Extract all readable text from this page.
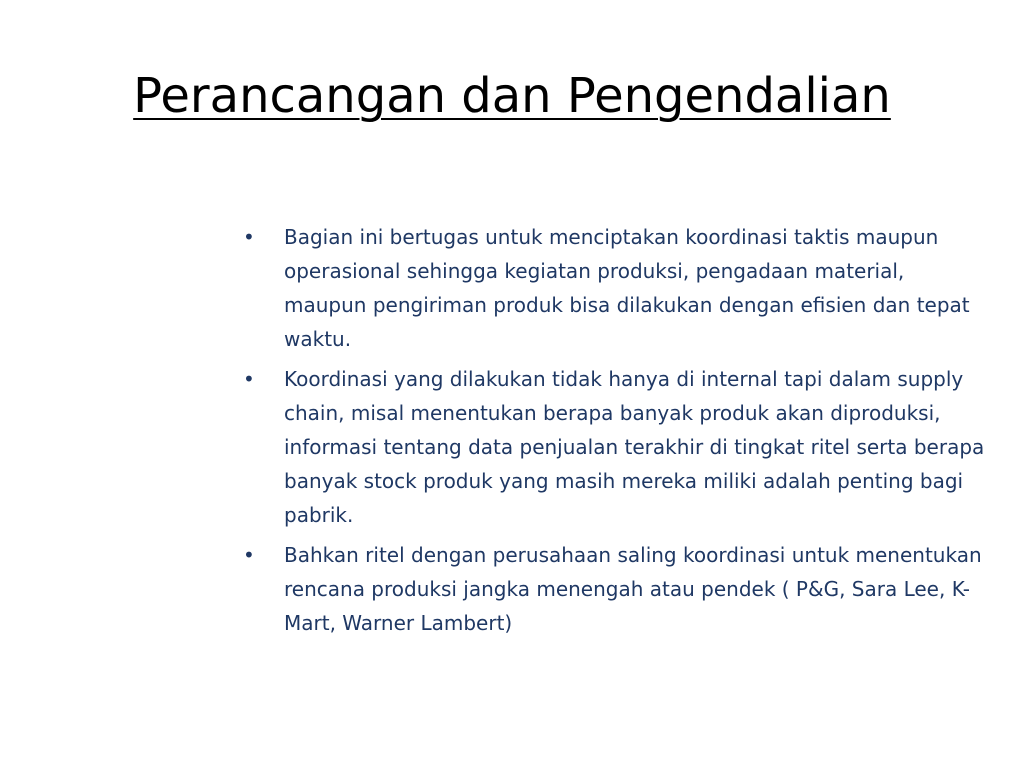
Perancangan dan Pengendalian
•	Bagian ini bertugas untuk menciptakan koordinasi taktis maupun operasional sehingga kegiatan produksi, pengadaan material, maupun pengiriman produk bisa dilakukan dengan efisien dan tepat waktu.
•	Koordinasi yang dilakukan tidak hanya di internal tapi dalam supply chain, misal menentukan berapa banyak produk akan diproduksi, informasi tentang data penjualan terakhir di tingkat ritel serta berapa banyak stock produk yang masih mereka miliki adalah penting bagi pabrik.
•	Bahkan ritel dengan perusahaan saling koordinasi untuk menentukan rencana produksi jangka menengah atau pendek ( P&G, Sara Lee, K-Mart, Warner Lambert)
